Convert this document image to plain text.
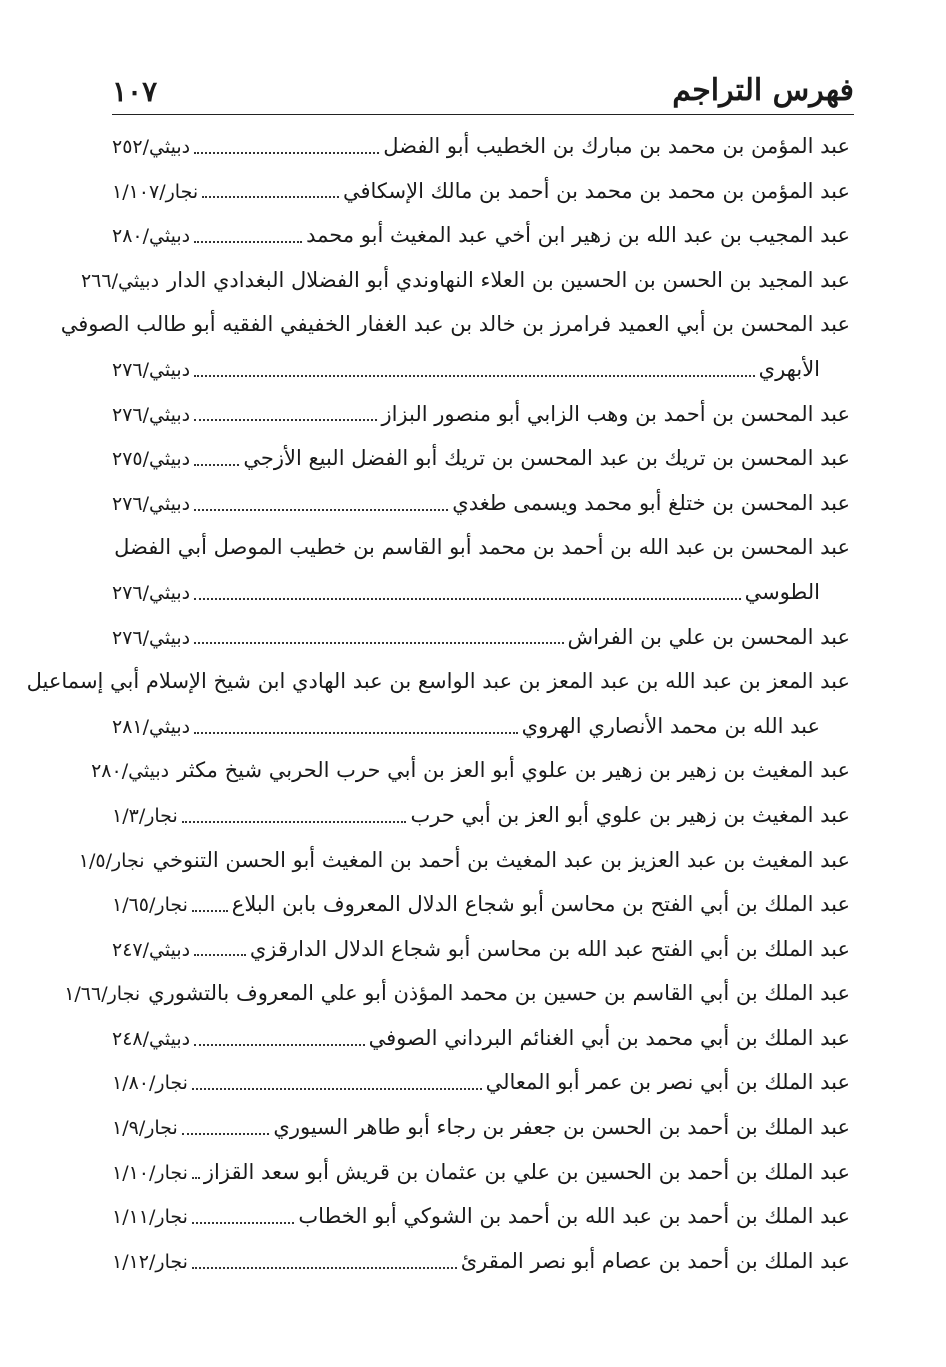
فهرس التراجم
١٠٧
عبد المؤمن بن محمد بن مبارك بن الخطيب أبو الفضل
دبيثي/٢٥٢
عبد المؤمن بن محمد بن محمد بن أحمد بن مالك الإسكافي
نجار/١/١٠٧
عبد المجيب بن عبد الله بن زهير ابن أخي عبد المغيث أبو محمد
دبيثي/٢٨٠
عبد المجيد بن الحسن بن الحسين بن العلاء النهاوندي أبو الفضلال البغدادي الدار
دبيثي/٢٦٦
عبد المحسن بن أبي العميد فرامرز بن خالد بن عبد الغفار الخفيفي الفقيه أبو طالب الصوفي
الأبهري
دبيثي/٢٧٦
عبد المحسن بن أحمد بن وهب الزابي أبو منصور البزاز
دبيثي/٢٧٦
عبد المحسن بن تريك بن عبد المحسن بن تريك أبو الفضل البيع الأزجي
دبيثي/٢٧٥
عبد المحسن بن ختلغ أبو محمد ويسمى طغدي
دبيثي/٢٧٦
عبد المحسن بن عبد الله بن أحمد بن محمد أبو القاسم بن خطيب الموصل أبي الفضل
الطوسي
دبيثي/٢٧٦
عبد المحسن بن علي بن الفراش
دبيثي/٢٧٦
عبد المعز بن عبد الله بن عبد المعز بن عبد الواسع بن عبد الهادي ابن شيخ الإسلام أبي إسماعيل
عبد الله بن محمد الأنصاري الهروي
دبيثي/٢٨١
عبد المغيث بن زهير بن زهير بن علوي أبو العز بن أبي حرب الحربي شيخ مكثر
دبيثي/٢٨٠
عبد المغيث بن زهير بن علوي أبو العز بن أبي حرب
نجار/١/٣
عبد المغيث بن عبد العزيز بن عبد المغيث بن أحمد بن المغيث أبو الحسن التنوخي
نجار/١/٥
عبد الملك بن أبي الفتح بن محاسن أبو شجاع الدلال المعروف بابن البلاع
نجار/١/٦٥
عبد الملك بن أبي الفتح عبد الله بن محاسن أبو شجاع الدلال الدارقزي
دبيثي/٢٤٧
عبد الملك بن أبي القاسم بن حسين بن محمد المؤذن أبو علي المعروف بالتشوري
نجار/١/٦٦
عبد الملك بن أبي محمد بن أبي الغنائم البرداني الصوفي
دبيثي/٢٤٨
عبد الملك بن أبي نصر بن عمر أبو المعالي
نجار/١/٨٠
عبد الملك بن أحمد بن الحسن بن جعفر بن رجاء أبو طاهر السيوري
نجار/١/٩
عبد الملك بن أحمد بن الحسين بن علي بن عثمان بن قريش أبو سعد القزاز
نجار/١/١٠
عبد الملك بن أحمد بن عبد الله بن أحمد بن الشوكي أبو الخطاب
نجار/١/١١
عبد الملك بن أحمد بن عصام أبو نصر المقرئ
نجار/١/١٢
